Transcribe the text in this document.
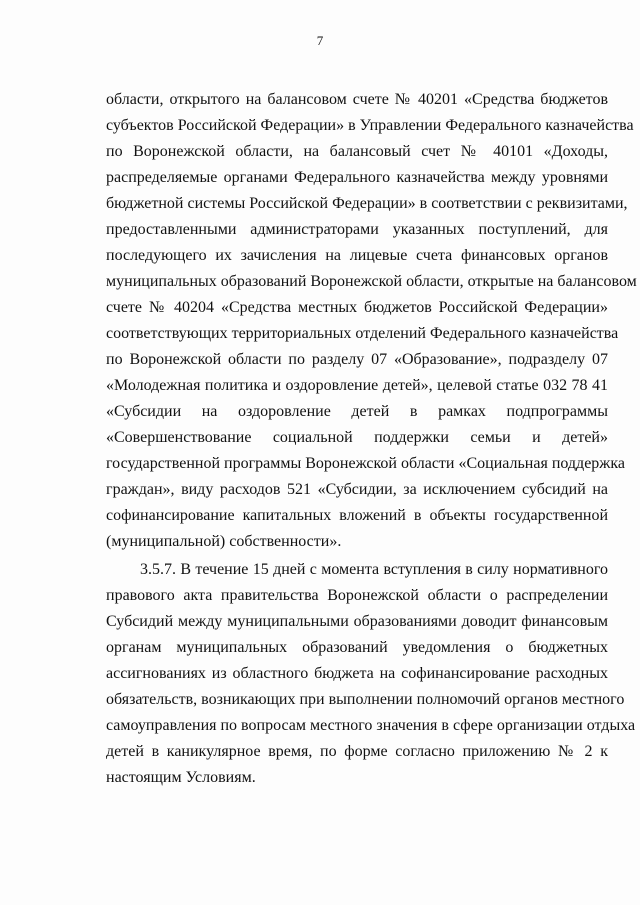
7
области, открытого на балансовом счете № 40201 «Средства бюджетов
субъектов Российской Федерации» в Управлении Федерального казначейства
по Воронежской области, на балансовый счет № 40101 «Доходы,
распределяемые органами Федерального казначейства между уровнями
бюджетной системы Российской Федерации» в соответствии с реквизитами,
предоставленными администраторами указанных поступлений, для
последующего их зачисления на лицевые счета финансовых органов
муниципальных образований Воронежской области, открытые на балансовом
счете № 40204 «Средства местных бюджетов Российской Федерации»
соответствующих территориальных отделений Федерального казначейства
по Воронежской области по разделу 07 «Образование», подразделу 07
«Молодежная политика и оздоровление детей», целевой статье 032 78 41
«Субсидии на оздоровление детей в рамках подпрограммы
«Совершенствование социальной поддержки семьи и детей»
государственной программы Воронежской области «Социальная поддержка
граждан», виду расходов 521 «Субсидии, за исключением субсидий на
софинансирование капитальных вложений в объекты государственной
(муниципальной) собственности».
3.5.7. В течение 15 дней с момента вступления в силу нормативного
правового акта правительства Воронежской области о распределении
Субсидий между муниципальными образованиями доводит финансовым
органам муниципальных образований уведомления о бюджетных
ассигнованиях из областного бюджета на софинансирование расходных
обязательств, возникающих при выполнении полномочий органов местного
самоуправления по вопросам местного значения в сфере организации отдыха
детей в каникулярное время, по форме согласно приложению № 2 к
настоящим Условиям.
